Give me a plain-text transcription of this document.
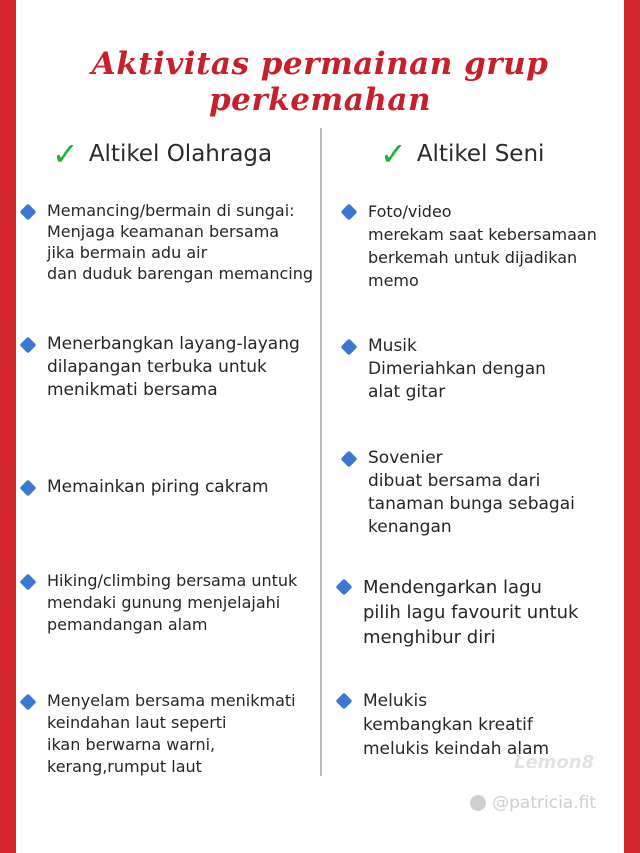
Aktivitas permainan grup perkemahan
✓ Altikel Olahraga	✓ Altikel Seni
Memancing/bermain di sungai:
Menjaga keamanan bersama
jika bermain adu air
dan duduk barengan memancing
Menerbangkan layang-layang
dilapangan terbuka untuk
menikmati bersama
Memainkan piring cakram
Hiking/climbing bersama untuk
mendaki gunung menjelajahi
pemandangan alam
Menyelam bersama menikmati
keindahan laut seperti
ikan berwarna warni,
kerang,rumput laut
Foto/video
merekam saat kebersamaan
berkemah untuk dijadikan
memo
Musik
Dimeriahkan dengan
alat gitar
Sovenier
dibuat bersama dari
tanaman bunga sebagai
kenangan
Mendengarkan lagu
pilih lagu favourit untuk
menghibur diri
Melukis
kembangkan kreatif
melukis keindah alam
Lemon8
@patricia.fit
